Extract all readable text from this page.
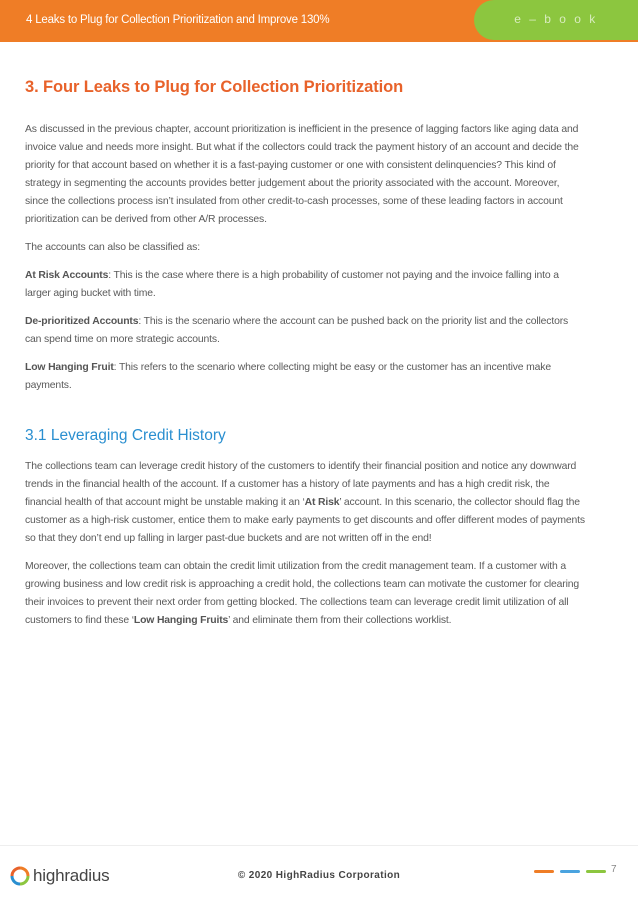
4 Leaks to Plug for Collection Prioritization and Improve 130%	e – b o o k
3. Four Leaks to Plug for Collection Prioritization

As discussed in the previous chapter, account prioritization is inefficient in the presence of lagging factors like aging data and invoice value and needs more insight. But what if the collectors could track the payment history of an account and decide the priority for that account based on whether it is a fast-paying customer or one with consistent delinquencies? This kind of strategy in segmenting the accounts provides better judgement about the priority associated with the account. Moreover, since the collections process isn’t insulated from other credit-to-cash processes, some of these leading factors in account prioritization can be derived from other A/R processes.

The accounts can also be classified as:

At Risk Accounts: This is the case where there is a high probability of customer not paying and the invoice falling into a larger aging bucket with time.

De-prioritized Accounts: This is the scenario where the account can be pushed back on the priority list and the collectors can spend time on more strategic accounts.

Low Hanging Fruit: This refers to the scenario where collecting might be easy or the customer has an incentive make payments.

3.1 Leveraging Credit History

The collections team can leverage credit history of the customers to identify their financial position and notice any downward trends in the financial health of the account. If a customer has a history of late payments and has a high credit risk, the financial health of that account might be unstable making it an ‘At Risk’ account. In this scenario, the collector should flag the customer as a high-risk customer, entice them to make early payments to get discounts and offer different modes of payments so that they don’t end up falling in larger past-due buckets and are not written off in the end!

Moreover, the collections team can obtain the credit limit utilization from the credit management team. If a customer with a growing business and low credit risk is approaching a credit hold, the collections team can motivate the customer for clearing their invoices to prevent their next order from getting blocked. The collections team can leverage credit limit utilization of all customers to find these ‘Low Hanging Fruits’ and eliminate them from their collections worklist.

highradius	© 2020 HighRadius Corporation
7
